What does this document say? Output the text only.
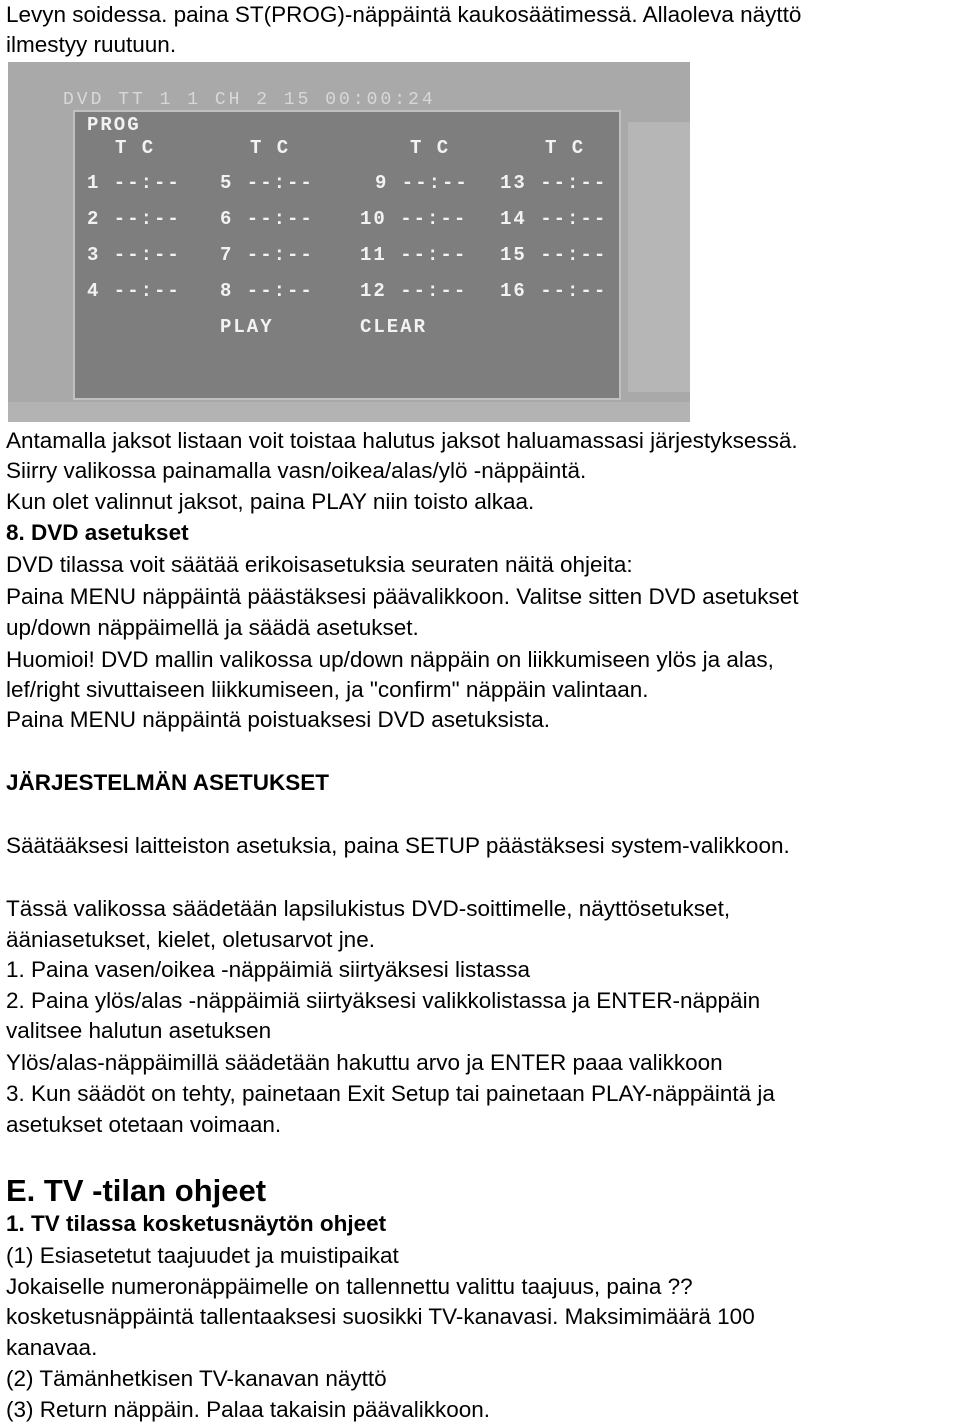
Levyn soidessa. paina ST(PROG)-näppäintä kaukosäätimessä. Allaoleva näyttö
ilmestyy ruutuun.
DVD TT 1 1 CH 2 15 00:00:24
PROG
T C	T C	T C	T C
1 --:-- 5 --:--	9 --:-- 13 --:--
2 --:-- 6 --:-- 10 --:-- 14 --:--
3 --:-- 7 --:-- 11 --:-- 15 --:--
4 --:-- 8 --:-- 12 --:-- 16 --:--
PLAY	CLEAR
Antamalla jaksot listaan voit toistaa halutus jaksot haluamassasi järjestyksessä.
Siirry valikossa painamalla vasn/oikea/alas/ylö -näppäintä.
Kun olet valinnut jaksot, paina PLAY niin toisto alkaa.
8. DVD asetukset
DVD tilassa voit säätää erikoisasetuksia seuraten näitä ohjeita:
Paina MENU näppäintä päästäksesi päävalikkoon. Valitse sitten DVD asetukset
up/down näppäimellä ja säädä asetukset.
Huomioi! DVD mallin valikossa up/down näppäin on liikkumiseen ylös ja alas,
lef/right sivuttaiseen liikkumiseen, ja "confirm" näppäin valintaan.
Paina MENU näppäintä poistuaksesi DVD asetuksista.
JÄRJESTELMÄN ASETUKSET
Säätääksesi laitteiston asetuksia, paina SETUP päästäksesi system-valikkoon.
Tässä valikossa säädetään lapsilukistus DVD-soittimelle, näyttösetukset,
ääniasetukset, kielet, oletusarvot jne.
1. Paina vasen/oikea -näppäimiä siirtyäksesi listassa
2. Paina ylös/alas -näppäimiä siirtyäksesi valikkolistassa ja ENTER-näppäin
valitsee halutun asetuksen
Ylös/alas-näppäimillä säädetään hakuttu arvo ja ENTER paaa valikkoon
3. Kun säädöt on tehty, painetaan Exit Setup tai painetaan PLAY-näppäintä ja
asetukset otetaan voimaan.
E. TV -tilan ohjeet
1. TV tilassa kosketusnäytön ohjeet
(1) Esiasetetut taajuudet ja muistipaikat
Jokaiselle numeronäppäimelle on tallennettu valittu taajuus, paina ??
kosketusnäppäintä tallentaaksesi suosikki TV-kanavasi. Maksimimäärä 100
kanavaa.
(2) Tämänhetkisen TV-kanavan näyttö
(3) Return näppäin. Palaa takaisin päävalikkoon.
